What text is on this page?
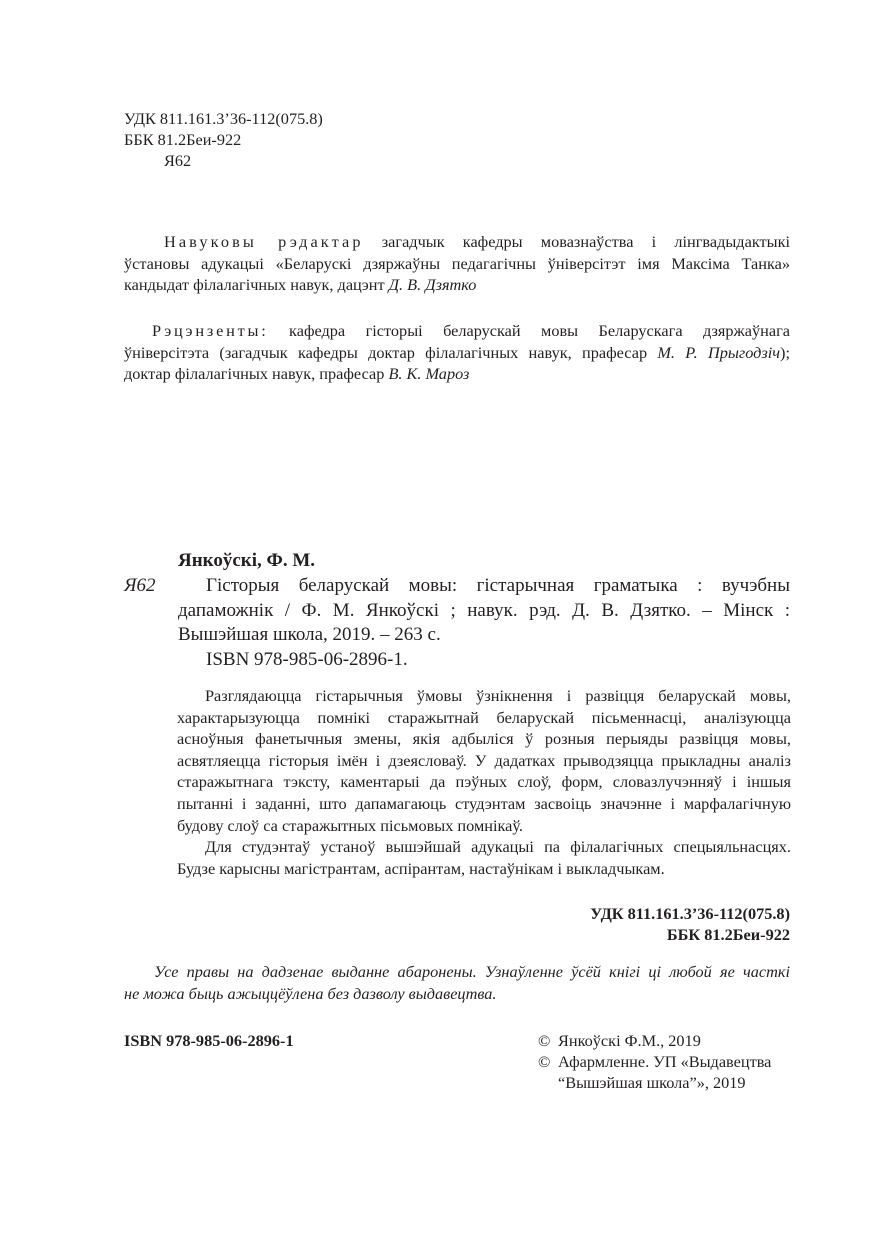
УДК 811.161.3’36-112(075.8)
ББК 81.2Беи-922
Я62
Навуковы рэдактар загадчык кафедры мовазнаўства і лінгвадыдактыкі
ўстановы адукацыі «Беларускі дзяржаўны педагагічны ўніверсітэт імя Максіма Танка»
кандыдат філалагічных навук, дацэнт Д. В. Дзятко
Рэцэнзенты: кафедра гісторыі беларускай мовы Беларускага дзяржаўнага
ўніверсітэта (загадчык кафедры доктар філалагічных навук, прафесар М. Р. Прыгодзіч);
доктар філалагічных навук, прафесар В. К. Мароз
Янкоўскі, Ф. М.
Я62	Гісторыя беларускай мовы: гістарычная граматыка : вучэбны
дапаможнік / Ф. М. Янкоўскі ; навук. рэд. Д. В. Дзятко. – Мінск :
Вышэйшая школа, 2019. – 263 с.
ISBN 978-985-06-2896-1.
Разглядаюцца гістарычныя ўмовы ўзнікнення і развіцця беларускай мовы,
характарызуюцца помнікі старажытнай беларускай пісьменнасці, аналізуюцца
асноўныя фанетычныя змены, якія адбыліся ў розныя перыяды развіцця мовы,
асвятляецца гісторыя імён і дзеясловаў. У дадатках прыводзяцца прыкладны аналіз
старажытнага тэксту, каментарыі да пэўных слоў, форм, словазлучэнняў і іншыя
пытанні і заданні, што дапамагаюць студэнтам засвоіць значэнне і марфалагічную
будову слоў са старажытных пісьмовых помнікаў.
Для студэнтаў устаноў вышэйшай адукацыі па філалагічных спецыяльнасцях.
Будзе карысны магістрантам, аспірантам, настаўнікам і выкладчыкам.
УДК 811.161.3’36-112(075.8)
ББК 81.2Беи-922
Усе правы на дадзенае выданне абаронены. Узнаўленне ўсёй кнігі ці любой яе часткі
не можа быць ажыццёўлена без дазволу выдавецтва.
ISBN 978-985-06-2896-1	© Янкоўскі Ф.М., 2019
© Афармленне. УП «Выдавецтва
“Вышэйшая школа”», 2019
